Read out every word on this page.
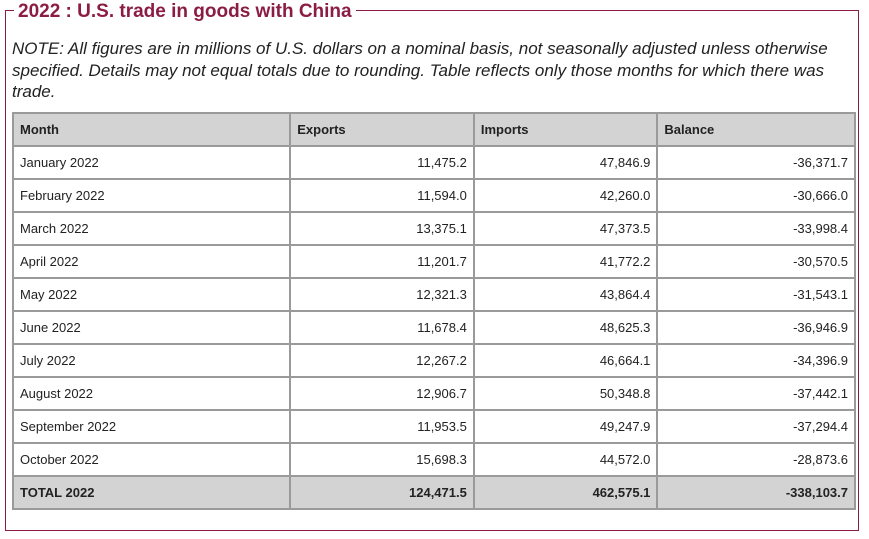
2022 : U.S. trade in goods with China
NOTE: All figures are in millions of U.S. dollars on a nominal basis, not seasonally adjusted unless otherwise specified. Details may not equal totals due to rounding. Table reflects only those months for which there was trade.
Month	Exports	Imports	Balance
January 2022	11,475.2	47,846.9	-36,371.7
February 2022	11,594.0	42,260.0	-30,666.0
March 2022	13,375.1	47,373.5	-33,998.4
April 2022	11,201.7	41,772.2	-30,570.5
May 2022	12,321.3	43,864.4	-31,543.1
June 2022	11,678.4	48,625.3	-36,946.9
July 2022	12,267.2	46,664.1	-34,396.9
August 2022	12,906.7	50,348.8	-37,442.1
September 2022	11,953.5	49,247.9	-37,294.4
October 2022	15,698.3	44,572.0	-28,873.6
TOTAL 2022	124,471.5	462,575.1	-338,103.7
